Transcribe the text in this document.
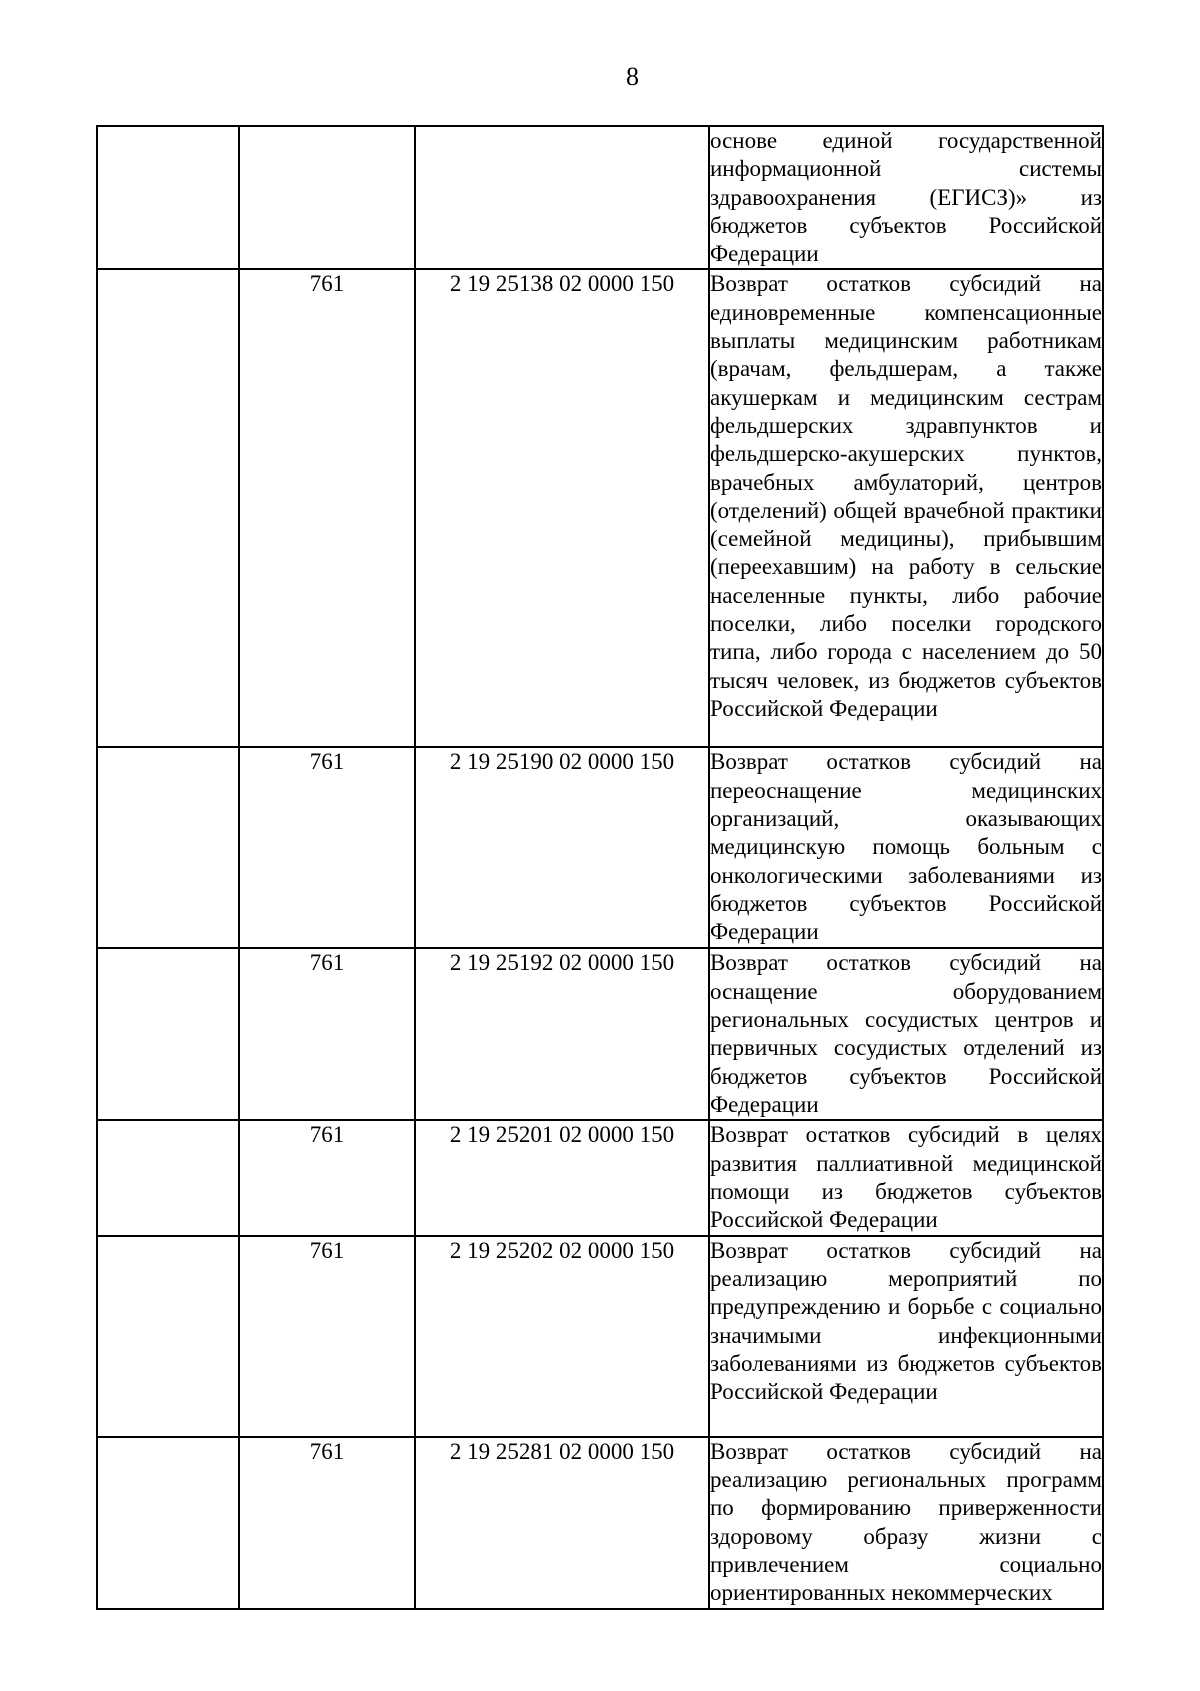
8
			основе единой государственной информационной системы здравоохранения (ЕГИСЗ)» из бюджетов субъектов Российской Федерации
	761	2 19 25138 02 0000 150	Возврат остатков субсидий на единовременные компенсационные выплаты медицинским работникам (врачам, фельдшерам, а также акушеркам и медицинским сестрам фельдшерских здравпунктов и фельдшерско-акушерских пунктов, врачебных амбулаторий, центров (отделений) общей врачебной практики (семейной медицины), прибывшим (переехавшим) на работу в сельские населенные пункты, либо рабочие поселки, либо поселки городского типа, либо города с населением до 50 тысяч человек, из бюджетов субъектов Российской Федерации
	761	2 19 25190 02 0000 150	Возврат остатков субсидий на переоснащение медицинских организаций, оказывающих медицинскую помощь больным с онкологическими заболеваниями из бюджетов субъектов Российской Федерации
	761	2 19 25192 02 0000 150	Возврат остатков субсидий на оснащение оборудованием региональных сосудистых центров и первичных сосудистых отделений из бюджетов субъектов Российской Федерации
	761	2 19 25201 02 0000 150	Возврат остатков субсидий в целях развития паллиативной медицинской помощи из бюджетов субъектов Российской Федерации
	761	2 19 25202 02 0000 150	Возврат остатков субсидий на реализацию мероприятий по предупреждению и борьбе с социально значимыми инфекционными заболеваниями из бюджетов субъектов Российской Федерации
	761	2 19 25281 02 0000 150	Возврат остатков субсидий на реализацию региональных программ по формированию приверженности здоровому образу жизни с привлечением социально ориентированных некоммерческих
